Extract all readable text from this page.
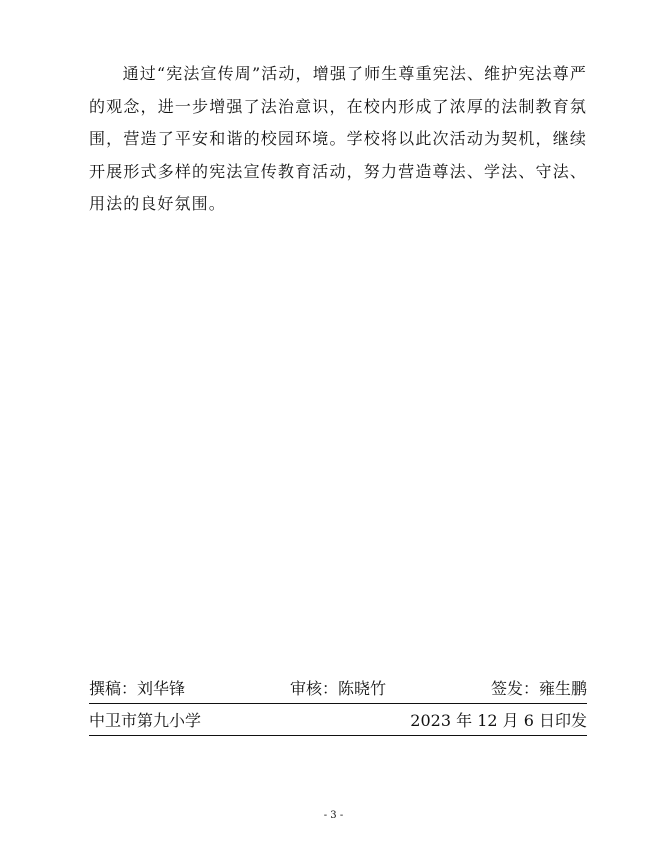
通过“宪法宣传周”活动，增强了师生尊重宪法、维护宪法尊严的观念，进一步增强了法治意识，在校内形成了浓厚的法制教育氛围，营造了平安和谐的校园环境。学校将以此次活动为契机，继续开展形式多样的宪法宣传教育活动，努力营造尊法、学法、守法、用法的良好氛围。

撰稿：刘华锋	审核：陈晓竹	签发：雍生鹏
中卫市第九小学	2023 年 12 月 6 日印发
- 3 -
